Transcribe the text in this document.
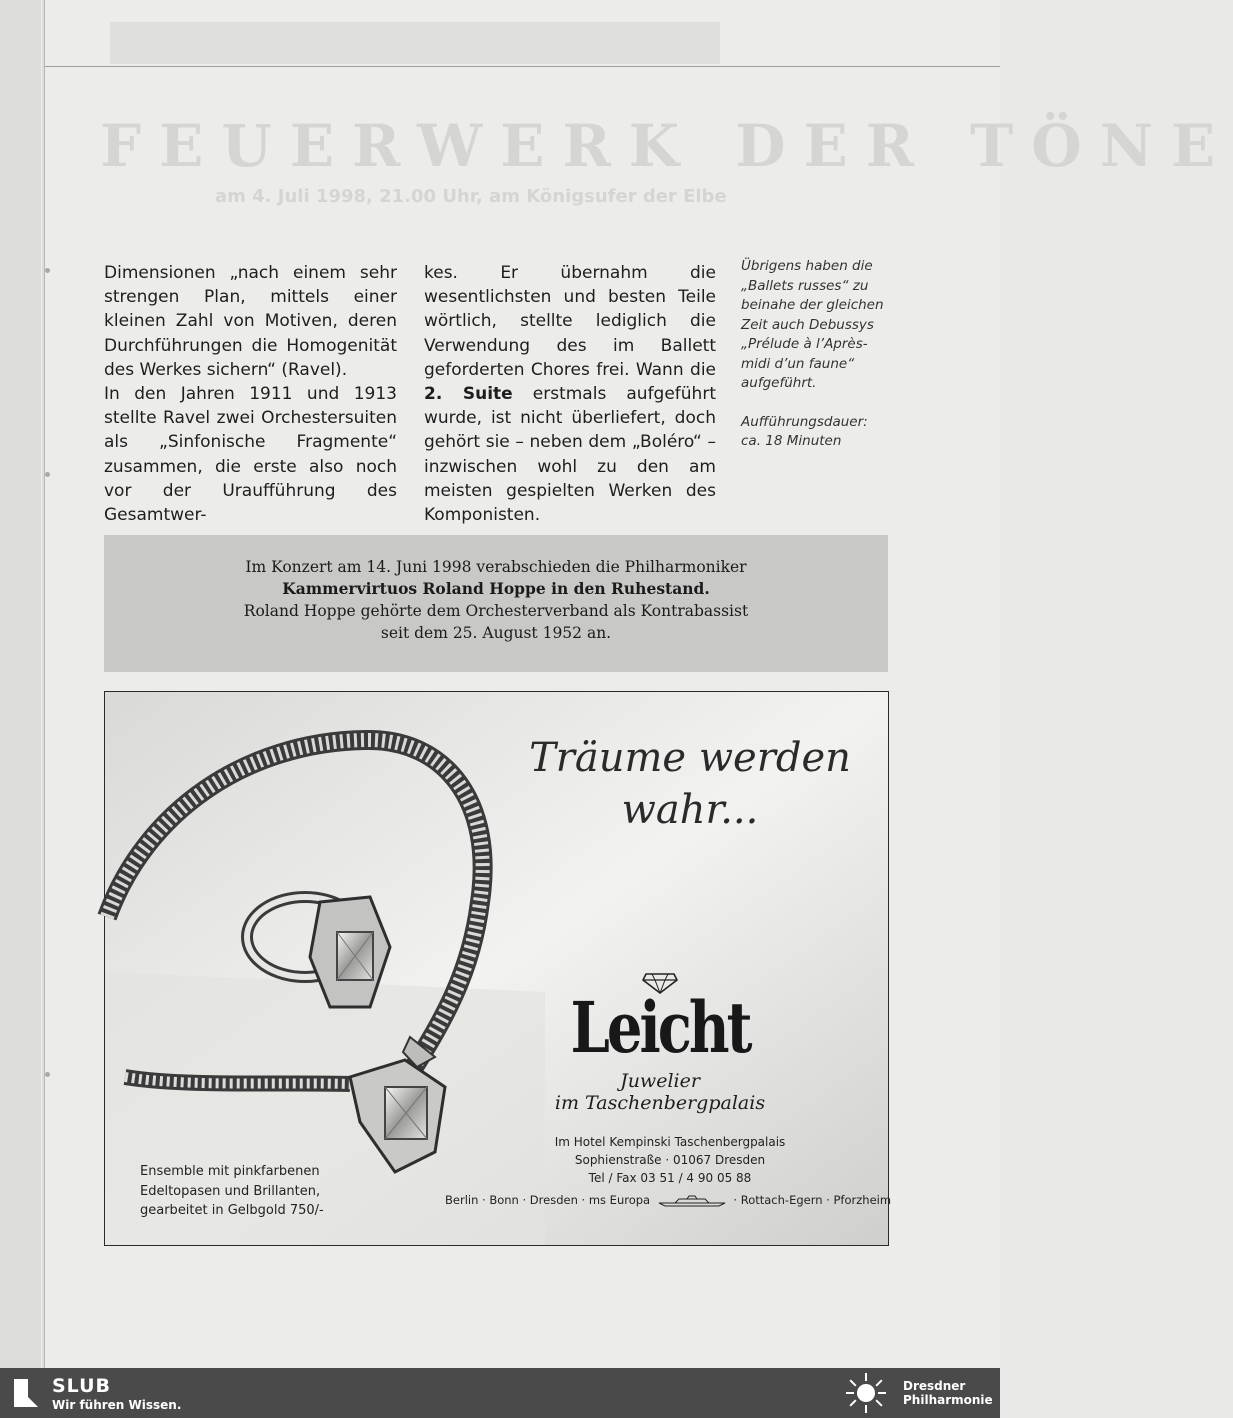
FEUERWERK DER TÖNE
am 4. Juli 1998, 21.00 Uhr, am Königsufer der Elbe

Dimensionen „nach einem sehr strengen Plan, mittels einer kleinen Zahl von Motiven, deren Durchführungen die Homogenität des Werkes sichern“ (Ravel).

In den Jahren 1911 und 1913 stellte Ravel zwei Orchestersuiten als „Sinfonische Fragmente“ zusammen, die erste also noch vor der Uraufführung des Gesamtwer-

kes. Er übernahm die wesentlichsten und besten Teile wörtlich, stellte lediglich die Verwendung des im Ballett geforderten Chores frei. Wann die 2. Suite erstmals aufgeführt wurde, ist nicht überliefert, doch gehört sie – neben dem „Boléro“ – inzwischen wohl zu den am meisten gespielten Werken des Komponisten.

Übrigens haben die „Ballets russes“ zu beinahe der gleichen Zeit auch Debussys „Prélude à l’Après-midi d’un faune“ aufgeführt.

Aufführungsdauer: ca. 18 Minuten

Im Konzert am 14. Juni 1998 verabschieden die Philharmoniker
Kammervirtuos Roland Hoppe in den Ruhestand.
Roland Hoppe gehörte dem Orchesterverband als Kontrabassist
seit dem 25. August 1952 an.
Träume werden
wahr...
Leicht
Juwelier
im Taschenbergpalais
Im Hotel Kempinski Taschenbergpalais
Sophienstraße · 01067 Dresden
Tel / Fax 03 51 / 4 90 05 88
Berlin · Bonn · Dresden · ms Europa	· Rottach-Egern · Pforzheim
Ensemble mit pinkfarbenen
Edeltopasen und Brillanten,
gearbeitet in Gelbgold 750/-
SLUB
Wir führen Wissen.
Dresdner
Philharmonie
